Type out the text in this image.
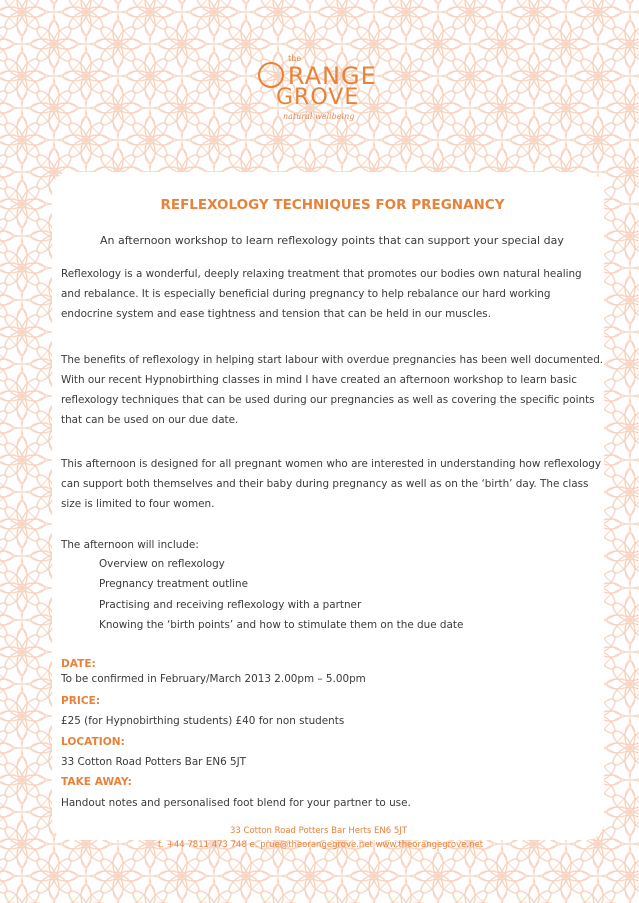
the
RANGE
GROVE
natural wellbeing
REFLEXOLOGY TECHNIQUES FOR PREGNANCY
An afternoon workshop to learn reflexology points that can support your special day
Reflexology is a wonderful, deeply relaxing treatment that promotes our bodies own natural healing
and rebalance. It is especially beneficial during pregnancy to help rebalance our hard working
endocrine system and ease tightness and tension that can be held in our muscles.
The benefits of reflexology in helping start labour with overdue pregnancies has been well documented.
With our recent Hypnobirthing classes in mind I have created an afternoon workshop to learn basic
reflexology techniques that can be used during our pregnancies as well as covering the specific points
that can be used on our due date.
This afternoon is designed for all pregnant women who are interested in understanding how reflexology
can support both themselves and their baby during pregnancy as well as on the ‘birth’ day. The class
size is limited to four women.
The afternoon will include:
Overview on reflexology
Pregnancy treatment outline
Practising and receiving reflexology with a partner
Knowing the ‘birth points’ and how to stimulate them on the due date
DATE:
To be confirmed in February/March 2013 2.00pm – 5.00pm
PRICE:
£25 (for Hypnobirthing students) £40 for non students
LOCATION:
33 Cotton Road Potters Bar EN6 5JT
TAKE AWAY:
Handout notes and personalised foot blend for your partner to use.
33 Cotton Road Potters Bar Herts EN6 5JT
t. +44 7811 473 748 e. prue@theorangegrove.net www.theorangegrove.net
